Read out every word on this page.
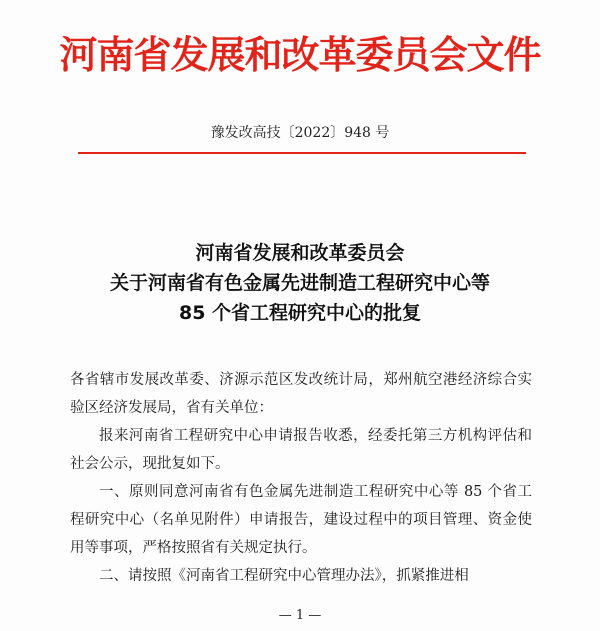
河南省发展和改革委员会文件
豫发改高技〔2022〕948 号
河南省发展和改革委员会
关于河南省有色金属先进制造工程研究中心等
85 个省工程研究中心的批复

各省辖市发展改革委、济源示范区发改统计局，郑州航空港经济综合实验区经济发展局，省有关单位：

报来河南省工程研究中心申请报告收悉，经委托第三方机构评估和社会公示，现批复如下。

一、原则同意河南省有色金属先进制造工程研究中心等 85 个省工程研究中心（名单见附件）申请报告，建设过程中的项目管理、资金使用等事项，严格按照省有关规定执行。

二、请按照《河南省工程研究中心管理办法》，抓紧推进相

— 1 —
